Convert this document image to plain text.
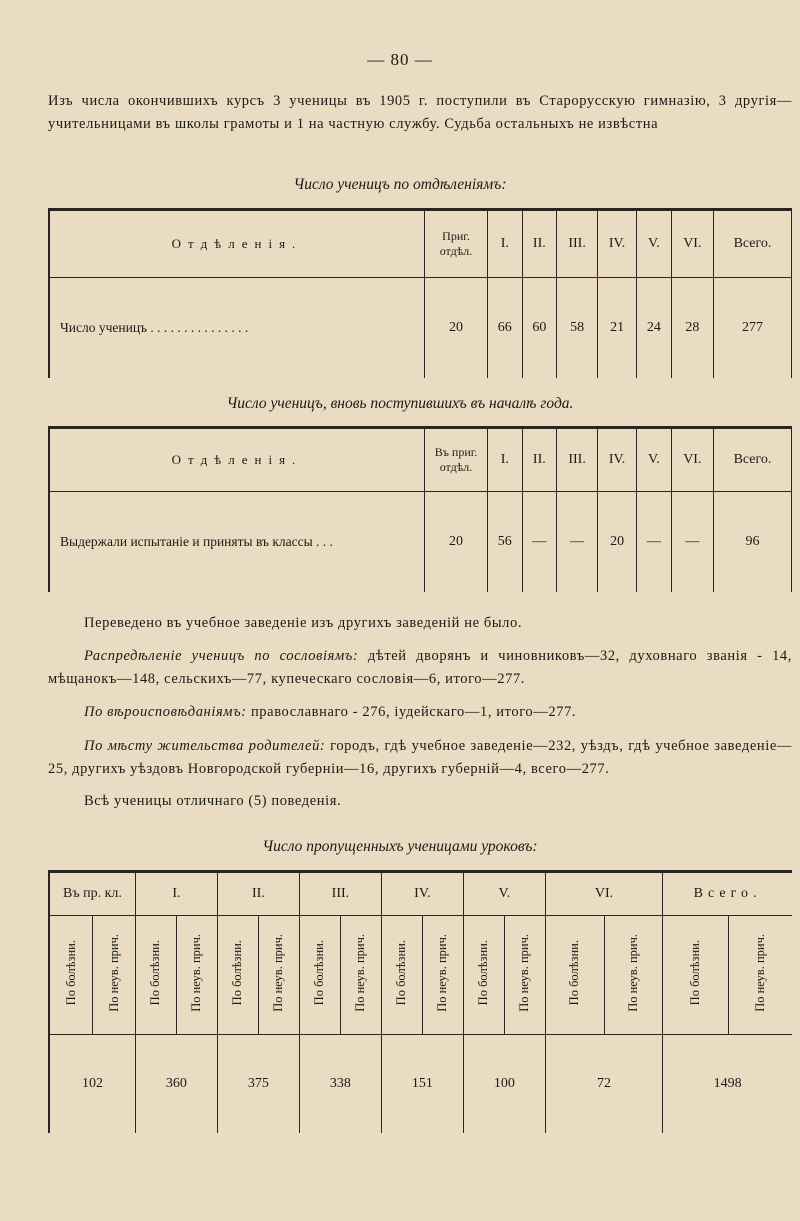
— 80 —
Изъ числа окончившихъ курсъ 3 ученицы въ 1905 г. поступили въ Старорусскую гимназію, 3 другія—учительницами въ школы грамоты и 1 на частную службу. Судьба остальныхъ не извѣстна
Число ученицъ по отдѣленіямъ:
Отдѣленія.	Приг. отдѣл.	I.	II.	III.	IV.	V.	VI.	Всего.
Число ученицъ . . . . . . . . . . . . . . .	20	66	60	58	21	24	28	277
Число ученицъ, вновь поступившихъ въ началѣ года.
Отдѣленія.	Въ приг. отдѣл.	I.	II.	III.	IV.	V.	VI.	Всего.
Выдержали испытаніе и приняты въ классы . . .	20	56	—	—	20	—	—	96
Переведено въ учебное заведеніе изъ другихъ заведеній не было.
Распредѣленіе ученицъ по сословіямъ: дѣтей дворянъ и чиновниковъ—32, духовнаго званія - 14, мѣщанокъ—148, сельскихъ—77, купеческаго сословія—6, итого—277.
По вѣроисповѣданіямъ: православнаго - 276, іудейскаго—1, итого—277.
По мѣсту жительства родителей: городъ, гдѣ учебное заведеніе—232, уѣздъ, гдѣ учебное заведеніе—25, другихъ уѣздовъ Новгородской губерніи—16, другихъ губерній—4, всего—277.
Всѣ ученицы отличнаго (5) поведенія.
Число пропущенныхъ ученицами уроковъ:
Въ пр. кл.		I.		II.		III.		IV.		V.		VI.		Всего.	
По болѣзни.	По неув. прич.	По болѣзни.	По неув. прич.	По болѣзни.	По неув. прич.	По болѣзни.	По неув. прич.	По болѣзни.	По неув. прич.	По болѣзни.	По неув. прич.	По болѣзни.	По неув. прич.	По болѣзни.	По неув. прич.
102		360		375		338		151		100		72		1498	
